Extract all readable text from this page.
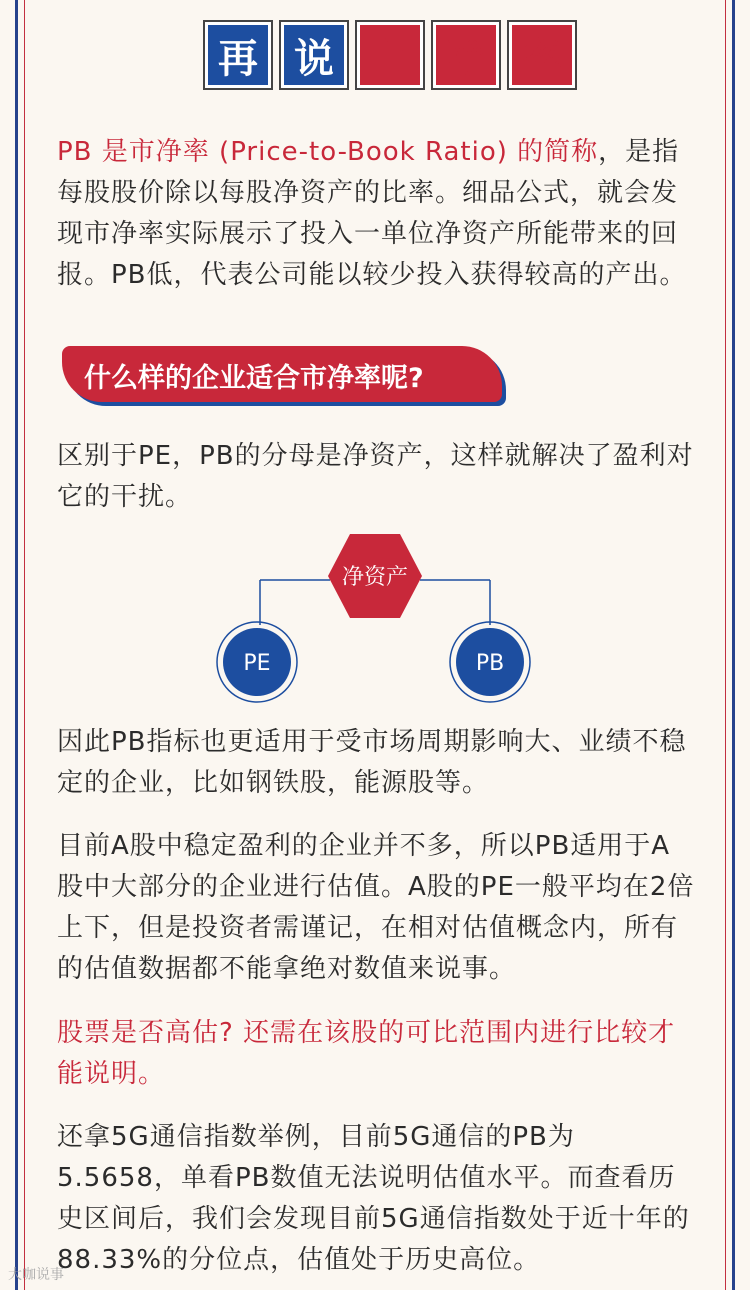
再 说 市 净 率
PB 是市净率 (Price-to-Book Ratio) 的简称，是指每股股价除以每股净资产的比率。细品公式，就会发现市净率实际展示了投入一单位净资产所能带来的回报。PB低，代表公司能以较少投入获得较高的产出。
什么样的企业适合市净率呢?
区别于PE，PB的分母是净资产，这样就解决了盈利对它的干扰。
净资产
PE	PB
因此PB指标也更适用于受市场周期影响大、业绩不稳定的企业，比如钢铁股，能源股等。
目前A股中稳定盈利的企业并不多，所以PB适用于A股中大部分的企业进行估值。A股的PE一般平均在2倍上下，但是投资者需谨记，在相对估值概念内，所有的估值数据都不能拿绝对数值来说事。
股票是否高估? 还需在该股的可比范围内进行比较才能说明。
还拿5G通信指数举例，目前5G通信的PB为5.5658，单看PB数值无法说明估值水平。而查看历史区间后，我们会发现目前5G通信指数处于近十年的88.33%的分位点，估值处于历史高位。
大咖说事
